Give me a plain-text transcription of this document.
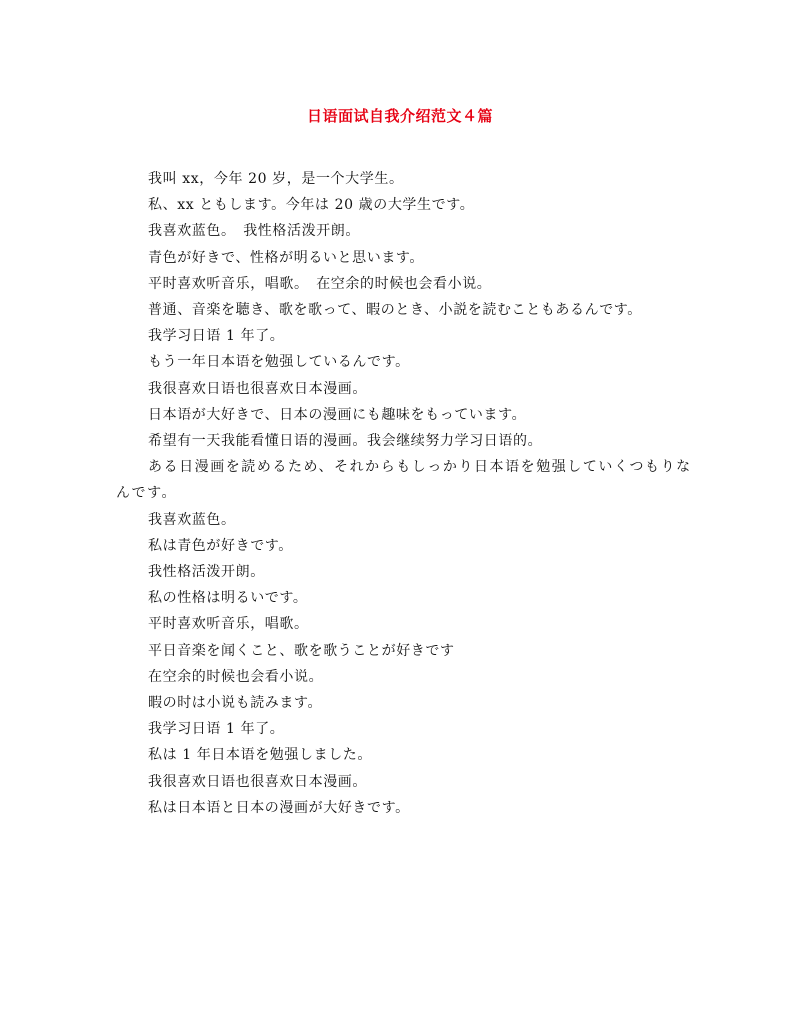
日语面试自我介绍范文４篇

我叫 xx，今年 20 岁，是一个大学生。

私、xx ともします。今年は 20 歳の大学生です。

我喜欢蓝色。　我性格活泼开朗。

青色が好きで、性格が明るいと思います。

平时喜欢听音乐，唱歌。　在空余的时候也会看小说。

普通、音楽を聴き、歌を歌って、暇のとき、小説を読むこともあるんです。

我学习日语 1 年了。

もう一年日本语を勉强しているんです。

我很喜欢日语也很喜欢日本漫画。

日本语が大好きで、日本の漫画にも趣味をもっています。

希望有一天我能看懂日语的漫画。我会继续努力学习日语的。

ある日漫画を読めるため、それからもしっかり日本语を勉强していくつもりなんです。

我喜欢蓝色。

私は青色が好きです。

我性格活泼开朗。

私の性格は明るいです。

平时喜欢听音乐，唱歌。

平日音楽を闻くこと、歌を歌うことが好きです

在空余的时候也会看小说。

暇の时は小说も読みます。

我学习日语 1 年了。

私は 1 年日本语を勉强しました。

我很喜欢日语也很喜欢日本漫画。

私は日本语と日本の漫画が大好きです。
